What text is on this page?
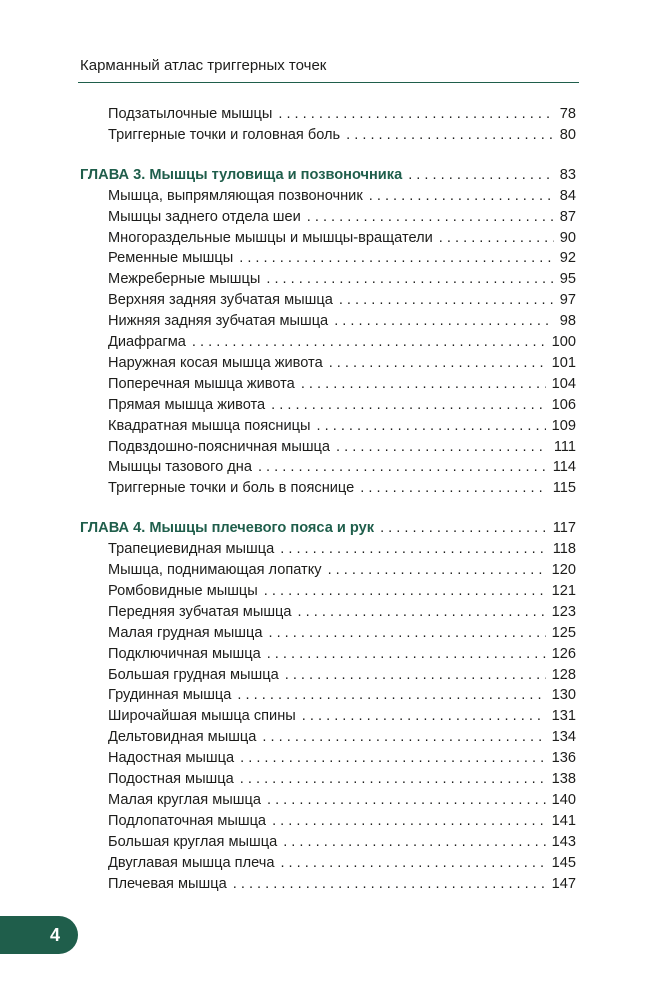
Карманный атлас триггерных точек
Подзатылочные мышцы . . .	78
Триггерные точки и головная боль . . .	80
ГЛАВА 3. Мышцы туловища и позвоночника . . .	83
Мышца, выпрямляющая позвоночник . . .	84
Мышцы заднего отдела шеи . . .	87
Многораздельные мышцы и мышцы-вращатели . . .	90
Ременные мышцы . . .	92
Межреберные мышцы . . .	95
Верхняя задняя зубчатая мышца . . .	97
Нижняя задняя зубчатая мышца . . .	98
Диафрагма . . .	100
Наружная косая мышца живота . . .	101
Поперечная мышца живота . . .	104
Прямая мышца живота . . .	106
Квадратная мышца поясницы . . .	109
Подвздошно-поясничная мышца . . .	111
Мышцы тазового дна . . .	114
Триггерные точки и боль в пояснице . . .	115
ГЛАВА 4. Мышцы плечевого пояса и рук . . .	117
Трапециевидная мышца . . .	118
Мышца, поднимающая лопатку . . .	120
Ромбовидные мышцы . . .	121
Передняя зубчатая мышца . . .	123
Малая грудная мышца . . .	125
Подключичная мышца . . .	126
Большая грудная мышца . . .	128
Грудинная мышца . . .	130
Широчайшая мышца спины . . .	131
Дельтовидная мышца . . .	134
Надостная мышца . . .	136
Подостная мышца . . .	138
Малая круглая мышца . . .	140
Подлопаточная мышца . . .	141
Большая круглая мышца . . .	143
Двуглавая мышца плеча . . .	145
Плечевая мышца . . .	147
4
